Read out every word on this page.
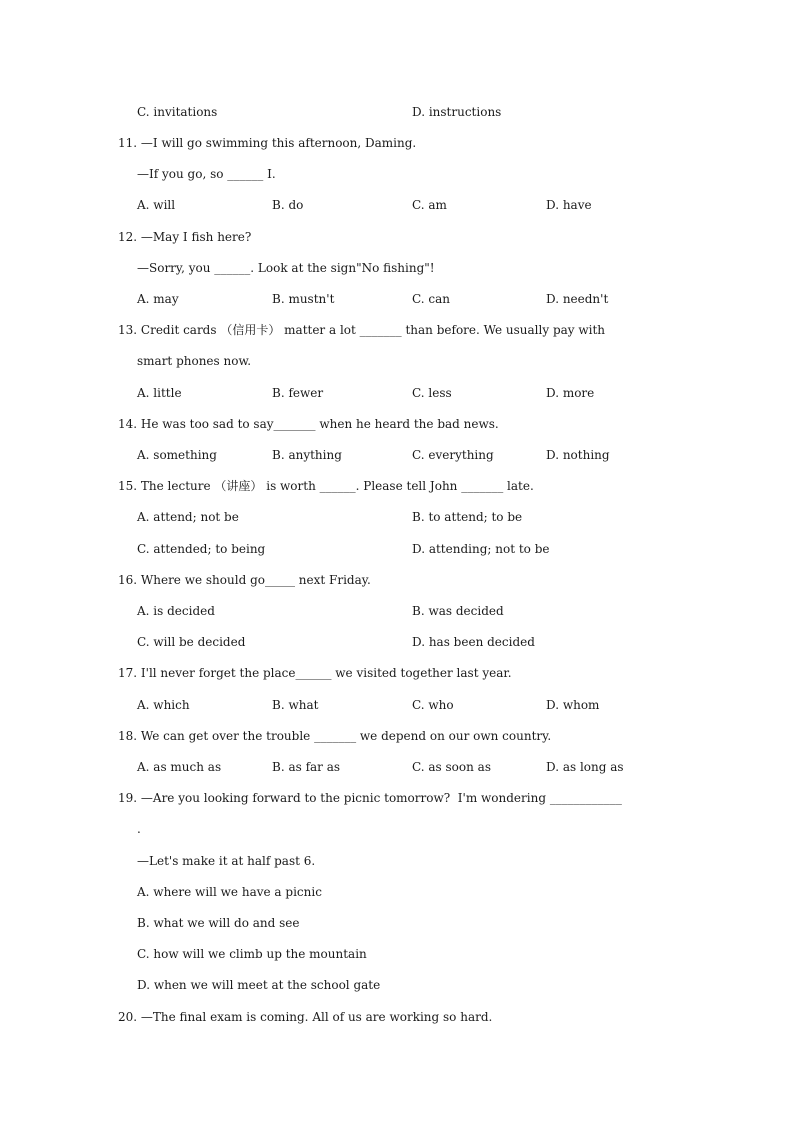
C. invitations	D. instructions
11. —I will go swimming this afternoon, Daming.
—If you go, so ______ I.
A. will	B. do	C. am	D. have
12. —May I fish here?
—Sorry, you ______. Look at the sign"No fishing"!
A. may	B. mustn't	C. can	D. needn't
13. Credit cards （信用卡） matter a lot _______ than before. We usually pay with
smart phones now.
A. little	B. fewer	C. less	D. more
14. He was too sad to say_______ when he heard the bad news.
A. something	B. anything	C. everything	D. nothing
15. The lecture （讲座） is worth ______. Please tell John _______ late.
A. attend; not be	B. to attend; to be
C. attended; to being	D. attending; not to be
16. Where we should go_____ next Friday.
A. is decided	B. was decided
C. will be decided	D. has been decided
17. I'll never forget the place______ we visited together last year.
A. which	B. what	C. who	D. whom
18. We can get over the trouble _______ we depend on our own country.
A. as much as	B. as far as	C. as soon as	D. as long as
19. —Are you looking forward to the picnic tomorrow?  I'm wondering ____________
.
—Let's make it at half past 6.
A. where will we have a picnic
B. what we will do and see
C. how will we climb up the mountain
D. when we will meet at the school gate
20. —The final exam is coming. All of us are working so hard.
